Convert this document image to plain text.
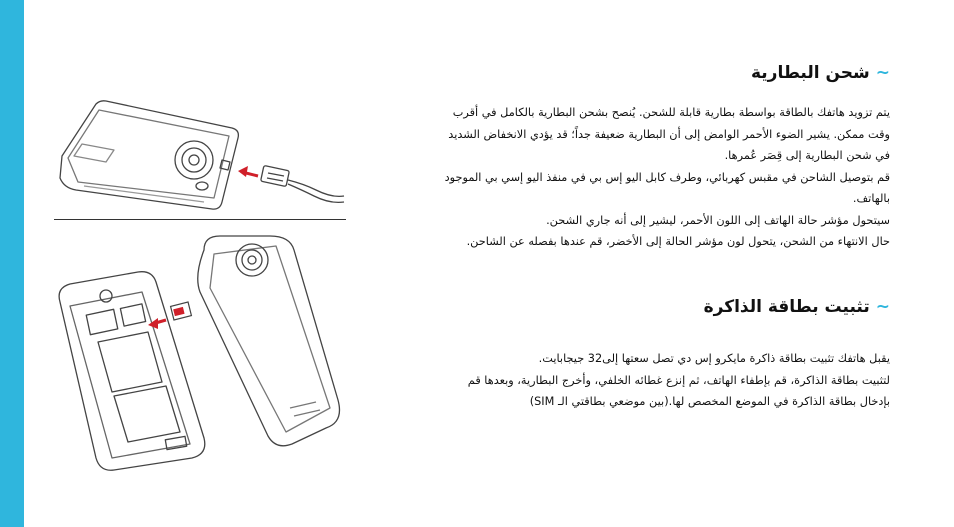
~شحن البطارية

يتم تزويد هاتفك بالطاقة بواسطة بطارية قابلة للشحن. يُنصح بشحن البطارية بالكامل في أقرب

وقت ممكن. يشير الضوء الأحمر الوامض إلى أن البطارية ضعيفة جداً؛ قد يؤدي الانخفاض الشديد

في شحن البطارية إلى قِصَر عُمرها.

قم بتوصيل الشاحن في مقبس كهربائي، وطرف كابل اليو إس بي في منفذ اليو إسي بي الموجود

بالهاتف.

سيتحول مؤشر حالة الهاتف إلى اللون الأحمر، ليشير إلى أنه جاري الشحن.

حال الانتهاء من الشحن، يتحول لون مؤشر الحالة إلى الأخضر، قم عندها بفصله عن الشاحن.

~تثبيت بطاقة الذاكرة

يقبل هاتفك تثبيت بطاقة ذاكرة مايكرو إس دي تصل سعتها إلى32 جيجابايت.

لتثبيت بطاقة الذاكرة، قم بإطفاء الهاتف، ثم إنزع غطائه الخلفي، وأخرج البطارية، وبعدها قم

بإدخال بطاقة الذاكرة في الموضع المخصص لها.(بين موضعي بطاقتي الـ SIM)
